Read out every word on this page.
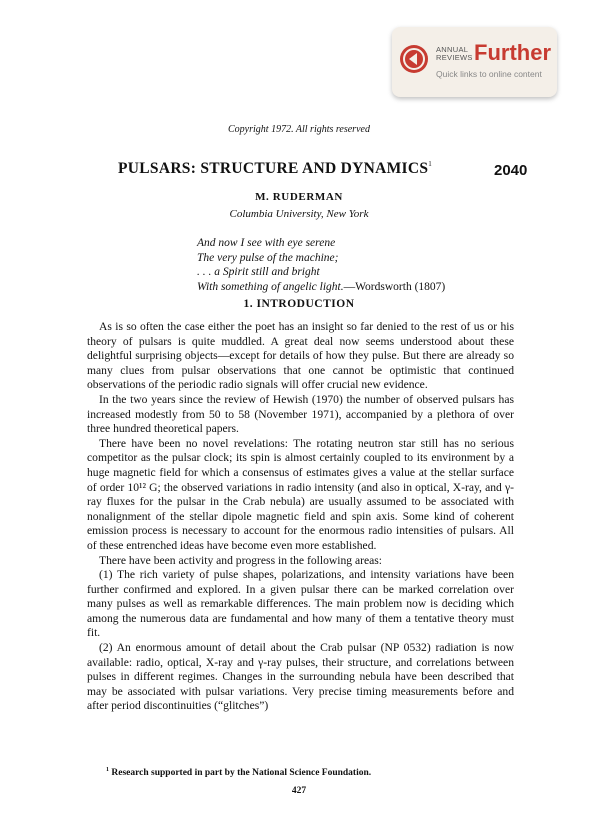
ANNUAL
REVIEWS Further
Quick links to online content
Copyright 1972. All rights reserved
PULSARS: STRUCTURE AND DYNAMICS$^1$	2040
M. RUDERMAN
Columbia University, New York
And now I see with eye serene
The very pulse of the machine;
. . . a Spirit still and bright
With something of angelic light.—Wordsworth (1807)
1. INTRODUCTION

As is so often the case either the poet has an insight so far denied to the rest of us or his theory of pulsars is quite muddled. A great deal now seems understood about these delightful surprising objects—except for details of how they pulse. But there are already so many clues from pulsar observations that one cannot be optimistic that continued observations of the periodic radio signals will offer crucial new evidence.

In the two years since the review of Hewish (1970) the number of observed pulsars has increased modestly from 50 to 58 (November 1971), accompanied by a plethora of over three hundred theoretical papers.

There have been no novel revelations: The rotating neutron star still has no serious competitor as the pulsar clock; its spin is almost certainly coupled to its environment by a huge magnetic field for which a consensus of estimates gives a value at the stellar surface of order 10¹² G; the observed variations in radio intensity (and also in optical, X-ray, and γ-ray fluxes for the pulsar in the Crab nebula) are usually assumed to be associated with nonalignment of the stellar dipole magnetic field and spin axis. Some kind of coherent emission process is necessary to account for the enormous radio intensities of pulsars. All of these entrenched ideas have become even more established.

There have been activity and progress in the following areas:

(1) The rich variety of pulse shapes, polarizations, and intensity variations have been further confirmed and explored. In a given pulsar there can be marked correlation over many pulses as well as remarkable differences. The main problem now is deciding which among the numerous data are fundamental and how many of them a tentative theory must fit.

(2) An enormous amount of detail about the Crab pulsar (NP 0532) radiation is now available: radio, optical, X-ray and γ-ray pulses, their structure, and correlations between pulses in different regimes. Changes in the surrounding nebula have been described that may be associated with pulsar variations. Very precise timing measurements before and after period discontinuities (“glitches”)

$^1$ Research supported in part by the National Science Foundation.
427
